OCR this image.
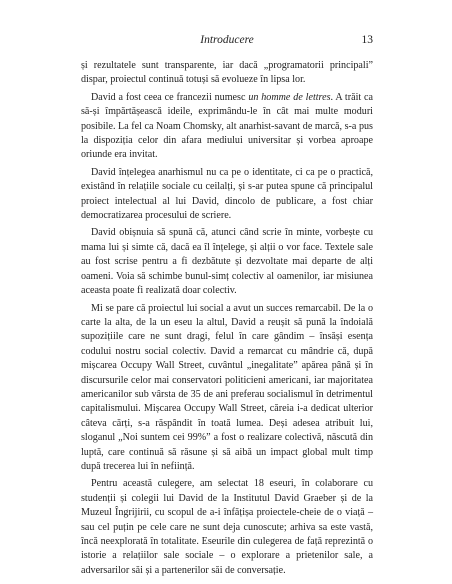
Introducere	13

și rezultatele sunt transparente, iar dacă „programatorii principali” dispar, proiectul continuă totuși să evolueze în lipsa lor.

David a fost ceea ce francezii numesc un homme de lettres. A trăit ca să-și împărtășească ideile, exprimându-le în cât mai multe moduri posibile. La fel ca Noam Chomsky, alt anarhist-savant de marcă, s-a pus la dispoziția celor din afara mediului universitar și vorbea aproape oriunde era invitat.

David înțelegea anarhismul nu ca pe o identitate, ci ca pe o practică, existând în relațiile sociale cu ceilalți, și s-ar putea spune că principalul proiect intelectual al lui David, dincolo de publicare, a fost chiar democratizarea procesului de scriere.

David obișnuia să spună că, atunci când scrie în minte, vorbește cu mama lui și simte că, dacă ea îl înțelege, și alții o vor face. Textele sale au fost scrise pentru a fi dezbătute și dezvoltate mai departe de alți oameni. Voia să schimbe bunul-simț colectiv al oamenilor, iar misiunea aceasta poate fi realizată doar colectiv.

Mi se pare că proiectul lui social a avut un succes remarcabil. De la o carte la alta, de la un eseu la altul, David a reușit să pună la îndoială supozițiile care ne sunt dragi, felul în care gândim – însăși esența codului nostru social colectiv. David a remarcat cu mândrie că, după mișcarea Occupy Wall Street, cuvântul „inegalitate” apărea până și în discursurile celor mai conservatori politicieni americani, iar majoritatea americanilor sub vârsta de 35 de ani preferau socialismul în detrimentul capitalismului. Mișcarea Occupy Wall Street, căreia i-a dedicat ulterior câteva cărți, s-a răspândit în toată lumea. Deși adesea atribuit lui, sloganul „Noi suntem cei 99%” a fost o realizare colectivă, născută din luptă, care continuă să răsune și să aibă un impact global mult timp după trecerea lui în neființă.

Pentru această culegere, am selectat 18 eseuri, în colaborare cu studenții și colegii lui David de la Institutul David Graeber și de la Muzeul Îngrijirii, cu scopul de a-i înfățișa proiectele-cheie de o viață – sau cel puțin pe cele care ne sunt deja cunoscute; arhiva sa este vastă, încă neexplorată în totalitate. Eseurile din culegerea de față reprezintă o istorie a relațiilor sale sociale – o explorare a prietenilor sale, a adversarilor săi și a partenerilor săi de conversație.
